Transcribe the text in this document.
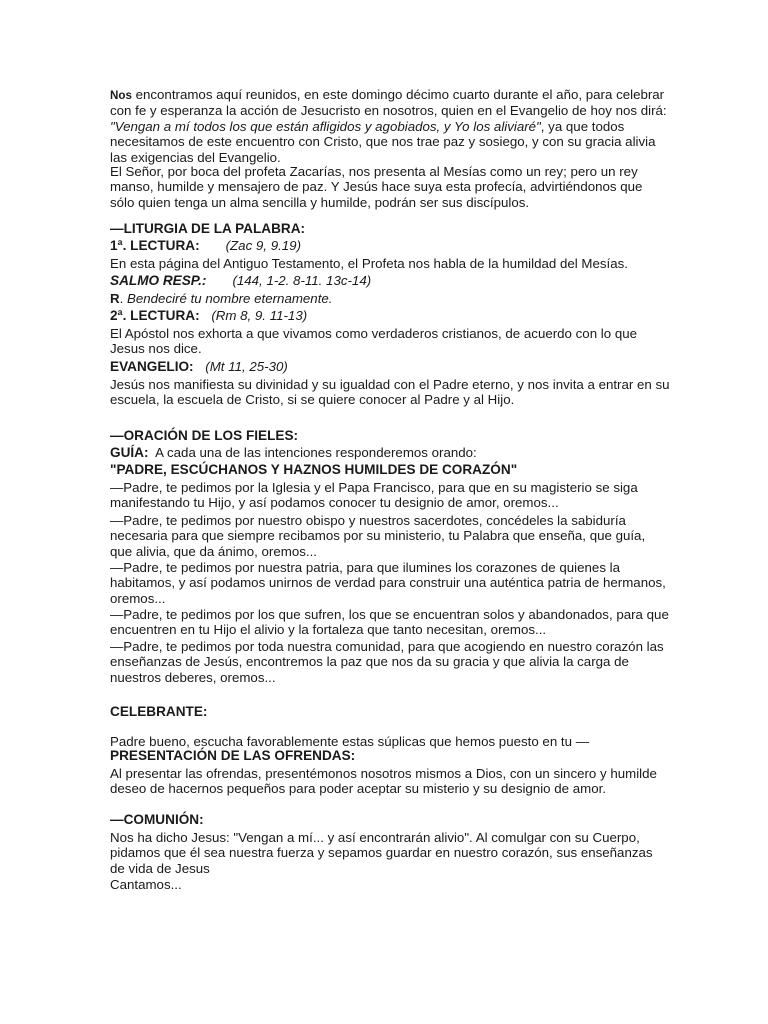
Nos encontramos aquí reunidos, en este domingo décimo cuarto durante el año, para celebrar con fe y esperanza la acción de Jesucristo en nosotros, quien en el Evangelio de hoy nos dirá: "Vengan a mí todos los que están afligidos y agobiados, y Yo los aliviaré", ya que todos necesitamos de este encuentro con Cristo, que nos trae paz y sosiego, y con su gracia alivia las exigencias del Evangelio.

El Señor, por boca del profeta Zacarías, nos presenta al Mesías como un rey; pero un rey manso, humilde y mensajero de paz. Y Jesús hace suya esta profecía, advirtiéndonos que sólo quien tenga un alma sencilla y humilde, podrán ser sus discípulos.

—LITURGIA DE LA PALABRA:
1ª. LECTURA: (Zac 9, 9.19)

En esta página del Antiguo Testamento, el Profeta nos habla de la humildad del Mesías.

SALMO RESP.: (144, 1-2. 8-11. 13c-14)
R. Bendeciré tu nombre eternamente.
2ª. LECTURA: (Rm 8, 9. 11-13)

El Apóstol nos exhorta a que vivamos como verdaderos cristianos, de acuerdo con lo que Jesus nos dice.

EVANGELIO: (Mt 11, 25-30)

Jesús nos manifiesta su divinidad y su igualdad con el Padre eterno, y nos invita a entrar en su escuela, la escuela de Cristo, si se quiere conocer al Padre y al Hijo.

—ORACIÓN DE LOS FIELES:
GUÍA: A cada una de las intenciones responderemos orando:
"PADRE, ESCÚCHANOS Y HAZNOS HUMILDES DE CORAZÓN"

—Padre, te pedimos por la Iglesia y el Papa Francisco, para que en su magisterio se siga manifestando tu Hijo, y así podamos conocer tu designio de amor, oremos...

—Padre, te pedimos por nuestro obispo y nuestros sacerdotes, concédeles la sabiduría necesaria para que siempre recibamos por su ministerio, tu Palabra que enseña, que guía, que alivia, que da ánimo, oremos...

—Padre, te pedimos por nuestra patria, para que ilumines los corazones de quienes la habitamos, y así podamos unirnos de verdad para construir una auténtica patria de hermanos, oremos...

—Padre, te pedimos por los que sufren, los que se encuentran solos y abandonados, para que encuentren en tu Hijo el alivio y la fortaleza que tanto necesitan, oremos...

—Padre, te pedimos por toda nuestra comunidad, para que acogiendo en nuestro corazón las enseñanzas de Jesús, encontremos la paz que nos da su gracia y que alivia la carga de nuestros deberes, oremos...

CELEBRANTE:

Padre bueno, escucha favorablemente estas súplicas que hemos puesto en tu —

PRESENTACIÓN DE LAS OFRENDAS:

Al presentar las ofrendas, presentémonos nosotros mismos a Dios, con un sincero y humilde deseo de hacernos pequeños para poder aceptar su misterio y su designio de amor.

—COMUNIÓN:

Nos ha dicho Jesus: "Vengan a mí... y así encontrarán alivio". Al comulgar con su Cuerpo, pidamos que él sea nuestra fuerza y sepamos guardar en nuestro corazón, sus enseñanzas de vida de Jesus

Cantamos...
